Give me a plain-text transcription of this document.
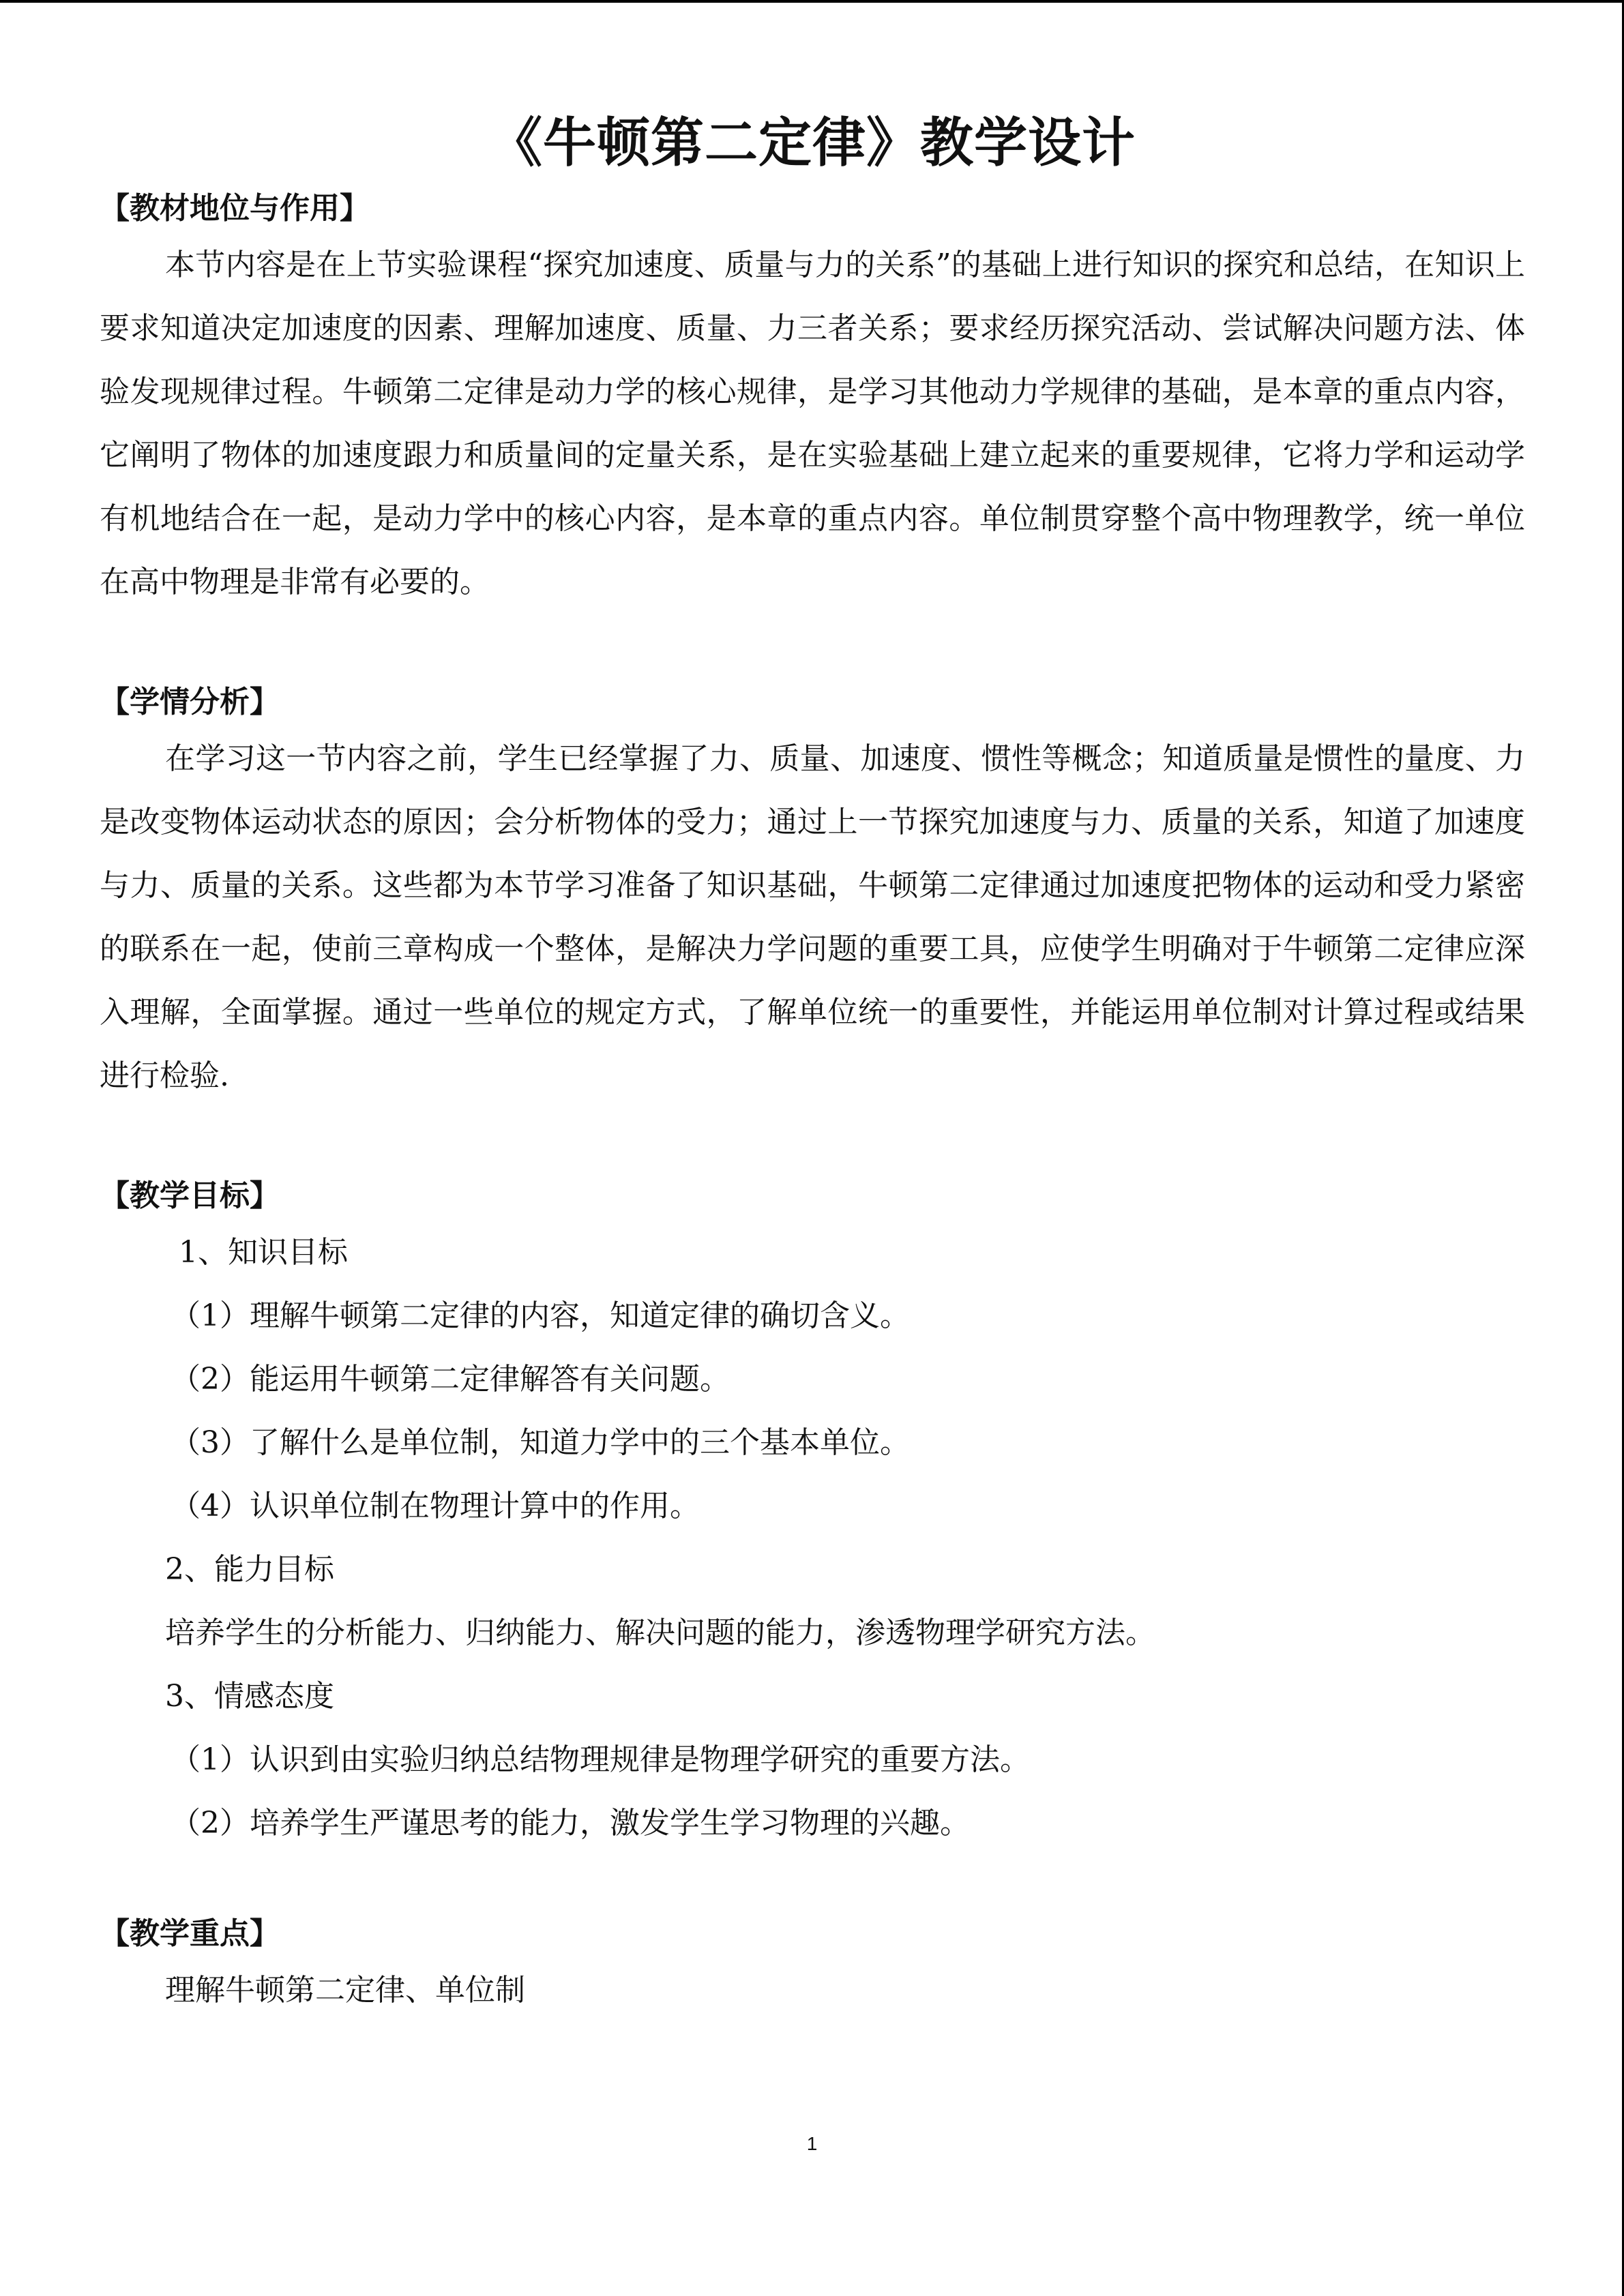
《牛顿第二定律》教学设计
【教材地位与作用】

本节内容是在上节实验课程“探究加速度、质量与力的关系”的基础上进行知识的探究和总结，在知识上要求知道决定加速度的因素、理解加速度、质量、力三者关系；要求经历探究活动、尝试解决问题方法、体验发现规律过程。牛顿第二定律是动力学的核心规律，是学习其他动力学规律的基础，是本章的重点内容，它阐明了物体的加速度跟力和质量间的定量关系，是在实验基础上建立起来的重要规律，它将力学和运动学有机地结合在一起，是动力学中的核心内容，是本章的重点内容。单位制贯穿整个高中物理教学，统一单位在高中物理是非常有必要的。

【学情分析】

在学习这一节内容之前，学生已经掌握了力、质量、加速度、惯性等概念；知道质量是惯性的量度、力是改变物体运动状态的原因；会分析物体的受力；通过上一节探究加速度与力、质量的关系，知道了加速度与力、质量的关系。这些都为本节学习准备了知识基础，牛顿第二定律通过加速度把物体的运动和受力紧密的联系在一起，使前三章构成一个整体，是解决力学问题的重要工具，应使学生明确对于牛顿第二定律应深入理解，全面掌握。通过一些单位的规定方式，了解单位统一的重要性，并能运用单位制对计算过程或结果进行检验.

【教学目标】

1、知识目标

（1）理解牛顿第二定律的内容，知道定律的确切含义。

（2）能运用牛顿第二定律解答有关问题。

（3）了解什么是单位制，知道力学中的三个基本单位。

（4）认识单位制在物理计算中的作用。

2、能力目标

培养学生的分析能力、归纳能力、解决问题的能力，渗透物理学研究方法。

3、情感态度

（1）认识到由实验归纳总结物理规律是物理学研究的重要方法。

（2）培养学生严谨思考的能力，激发学生学习物理的兴趣。

【教学重点】

理解牛顿第二定律、单位制

1
